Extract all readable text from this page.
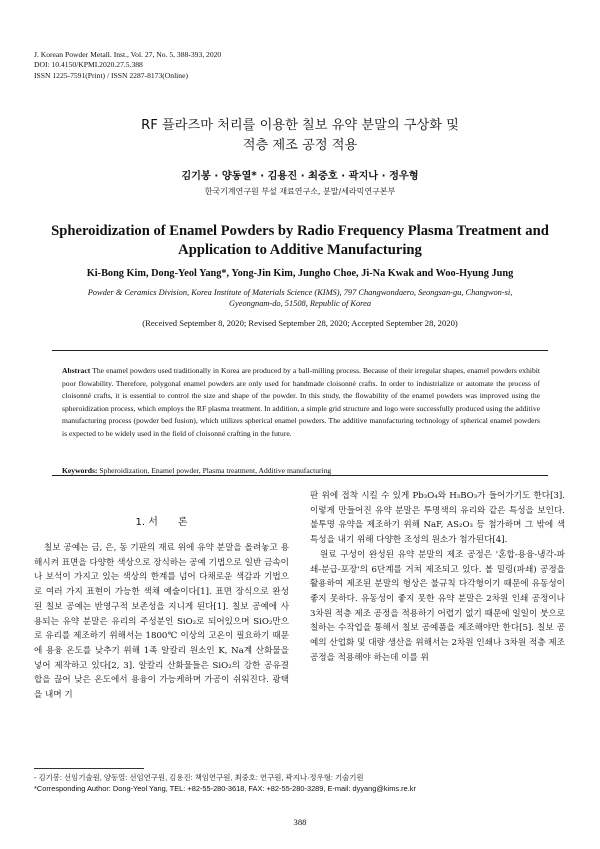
J. Korean Powder Metall. Inst., Vol. 27, No. 5, 388-393, 2020
DOI: 10.4150/KPMI.2020.27.5.388
ISSN 1225-7591(Print) / ISSN 2287-8173(Online)
RF 플라즈마 처리를 이용한 칠보 유약 분말의 구상화 및
적층 제조 공정 적용
김기봉 · 양동열* · 김용진 · 최중호 · 곽지나 · 정우형
한국기계연구원 부설 재료연구소, 분말/세라믹연구본부
Spheroidization of Enamel Powders by Radio Frequency Plasma Treatment and
Application to Additive Manufacturing
Ki-Bong Kim, Dong-Yeol Yang*, Yong-Jin Kim, Jungho Choe, Ji-Na Kwak and Woo-Hyung Jung
Powder & Ceramics Division, Korea Institute of Materials Science (KIMS), 797 Changwondaero, Seongsan-gu, Changwon-si,
Gyeongnam-do, 51508, Republic of Korea
(Received September 8, 2020; Revised September 28, 2020; Accepted September 28, 2020)
Abstract The enamel powders used traditionally in Korea are produced by a ball-milling process. Because of their irregular shapes, enamel powders exhibit poor flowability. Therefore, polygonal enamel powders are only used for handmade cloisonné crafts. In order to industrialize or automate the process of cloisonné crafts, it is essential to control the size and shape of the powder. In this study, the flowability of the enamel powders was improved using the spheroidization process, which employs the RF plasma treatment. In addition, a simple grid structure and logo were successfully produced using the additive manufacturing process (powder bed fusion), which utilizes spherical enamel powders. The additive manufacturing technology of spherical enamel powders is expected to be widely used in the field of cloisonné crafting in the future.
Keywords: Spheroidization, Enamel powder, Plasma treatment, Additive manufacturing
1. 서　　론

칠보 공예는 금, 은, 동 기판의 재료 위에 유약 분말을 올려놓고 용해시켜 표면을 다양한 색상으로 장식하는 공예 기법으로 일반 금속이나 보석이 가지고 있는 색상의 한계를 넘어 다채로운 색감과 기법으로 여러 가지 표현이 가능한 색채 예술이다[1]. 표면 장식으로 완성된 칠보 공예는 반영구적 보존성을 지니게 된다[1]. 칠보 공예에 사용되는 유약 분말은 유리의 주성분인 SiO₂로 되어있으며 SiO₂만으로 유리를 제조하기 위해서는 1800℃ 이상의 고온이 필요하기 때문에 용융 온도를 낮추기 위해 1족 알칼리 원소인 K, Na계 산화물을 넣어 제작하고 있다[2, 3]. 알칼리 산화물들은 SiO₂의 강한 공유결합을 끊어 낮은 온도에서 용융이 가능케하며 가공이 쉬워진다. 광택을 내며 기

판 위에 접착 시킬 수 있게 Pb₃O₄와 H₃BO₃가 들어가기도 한다[3]. 이렇게 만들어진 유약 분말은 투명색의 유리와 같은 특성을 보인다. 불투명 유약을 제조하기 위해 NaF, AS₂O₃ 등 첨가하며 그 밖에 색 특성을 내기 위해 다양한 조성의 원소가 첨가된다[4].

원료 구성이 완성된 유약 분말의 제조 공정은 '혼합-용융-냉각-파쇄-분급-포장'의 6단계를 거쳐 제조되고 있다. 볼 밀링(파쇄) 공정을 활용하여 제조된 분말의 형상은 불규칙 다각형이기 때문에 유동성이 좋지 못하다. 유동성이 좋지 못한 유약 분말은 2차원 인쇄 공정이나 3차원 적층 제조 공정을 적용하기 어렵기 없기 때문에 일일이 붓으로 칠하는 수작업을 통해서 칠보 공예품을 제조해야만 한다[5]. 칠보 공예의 산업화 및 대량 생산을 위해서는 2차원 인쇄나 3차원 적층 제조 공정을 적용해야 하는데 이를 위

- 김기봉: 선임기술원, 양동열: 선임연구원, 김용진: 책임연구원, 최중호: 연구원, 곽지나·정우형: 기술기원
*Corresponding Author: Dong-Yeol Yang, TEL: +82-55-280-3618, FAX: +82-55-280-3289, E-mail: dyyang@kims.re.kr
388
